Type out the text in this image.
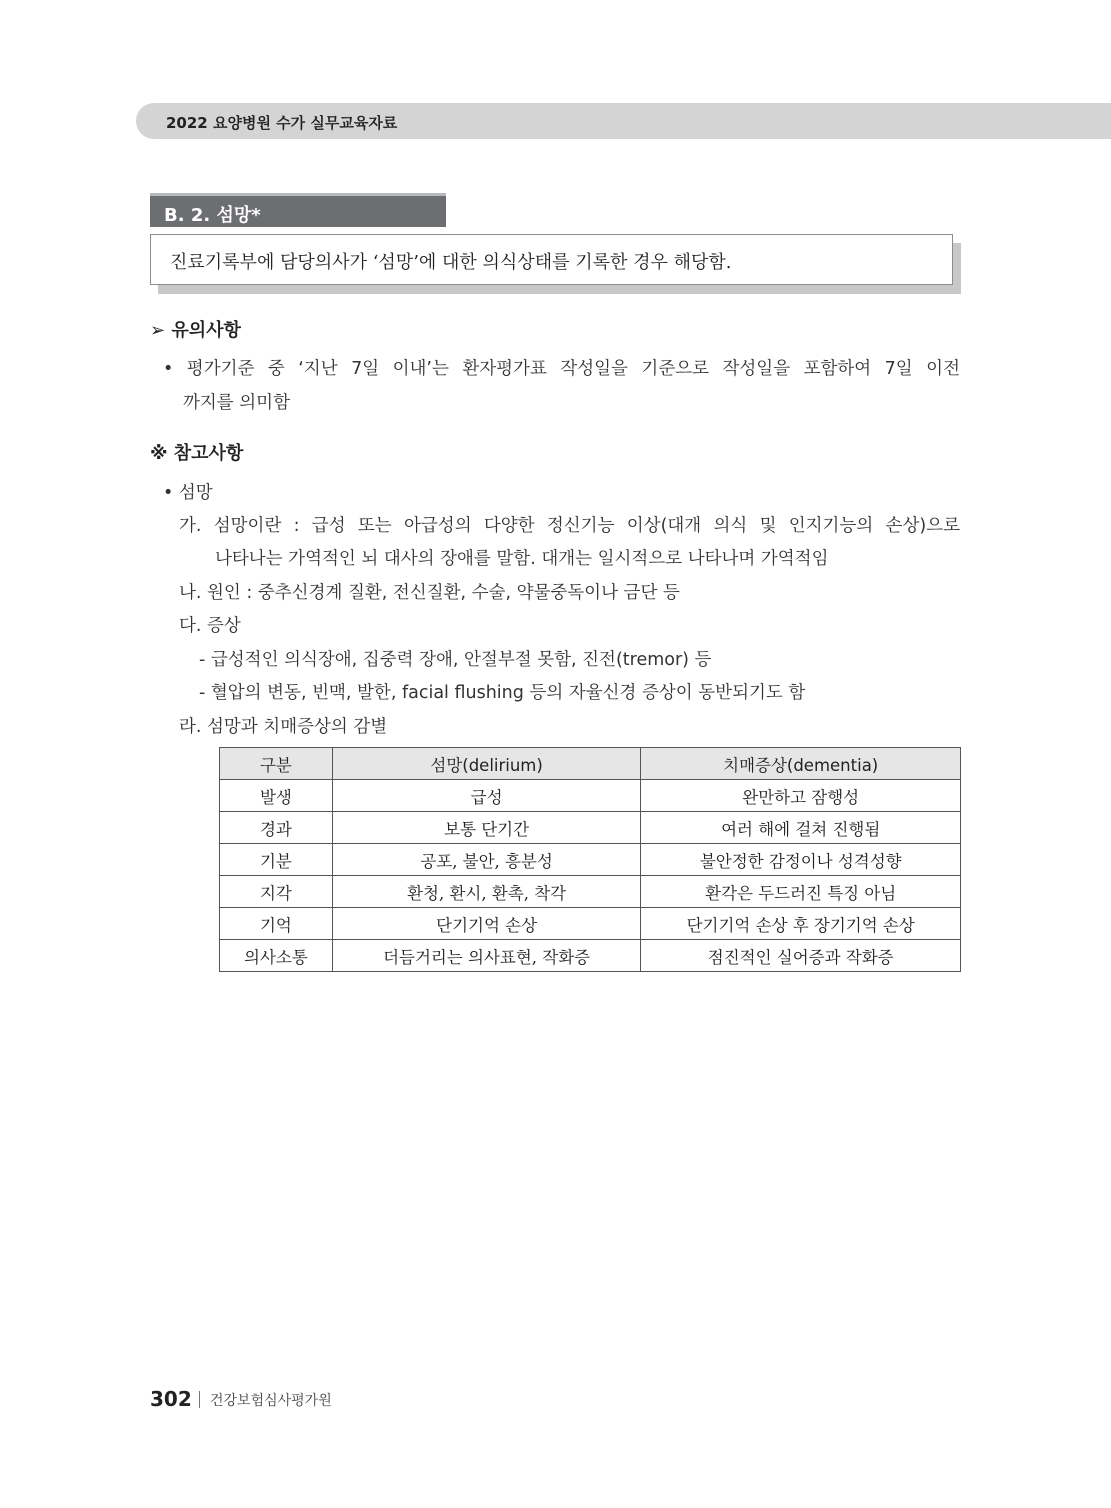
2022 요양병원 수가 실무교육자료
B. 2. 섬망*
진료기록부에 담당의사가 ‘섬망’에 대한 의식상태를 기록한 경우 해당함.
➢ 유의사항
• 평가기준 중 ‘지난 7일 이내’는 환자평가표 작성일을 기준으로 작성일을 포함하여 7일 이전
까지를 의미함
※ 참고사항
• 섬망
가. 섬망이란 : 급성 또는 아급성의 다양한 정신기능 이상(대개 의식 및 인지기능의 손상)으로
나타나는 가역적인 뇌 대사의 장애를 말함. 대개는 일시적으로 나타나며 가역적임
나. 원인 : 중추신경계 질환, 전신질환, 수술, 약물중독이나 금단 등
다. 증상
- 급성적인 의식장애, 집중력 장애, 안절부절 못함, 진전(tremor) 등
- 혈압의 변동, 빈맥, 발한, facial flushing 등의 자율신경 증상이 동반되기도 함
라. 섬망과 치매증상의 감별
구분	섬망(delirium)	치매증상(dementia)
발생	급성	완만하고 잠행성
경과	보통 단기간	여러 해에 걸쳐 진행됨
기분	공포, 불안, 흥분성	불안정한 감정이나 성격성향
지각	환청, 환시, 환촉, 착각	환각은 두드러진 특징 아님
기억	단기기억 손상	단기기억 손상 후 장기기억 손상
의사소통	더듬거리는 의사표현, 작화증	점진적인 실어증과 작화증
302 건강보험심사평가원
